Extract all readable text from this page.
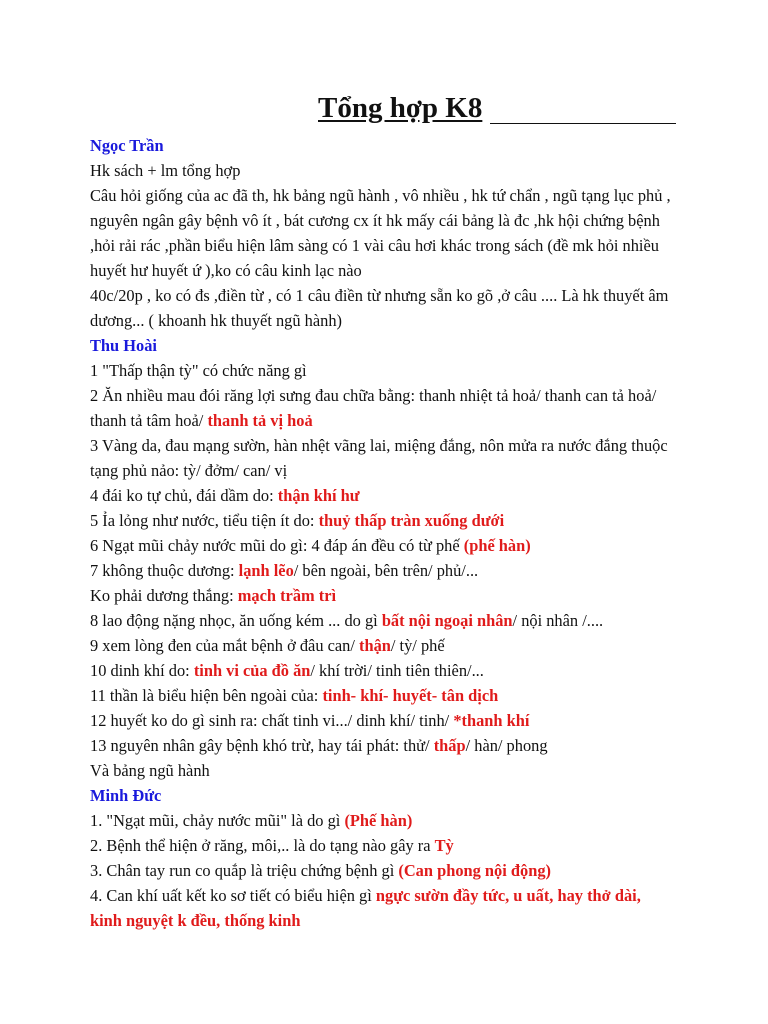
Tổng hợp K8

Ngọc Trần

Hk sách + lm tổng hợp

Câu hỏi giống của ac đã th, hk bảng ngũ hành , vô nhiều , hk tứ chẩn , ngũ tạng lục phủ , nguyên ngân gây bệnh vô ít , bát cương cx ít hk mấy cái bảng là đc ,hk hội chứng bệnh ,hỏi rải rác ,phần biểu hiện lâm sàng có 1 vài câu hơi khác trong sách (đề mk hỏi nhiều huyết hư huyết ứ ),ko có câu kinh lạc nào

40c/20p , ko có đs ,điền từ , có 1 câu điền từ nhưng sẵn ko gõ ,ở câu .... Là hk thuyết âm dương... ( khoanh hk thuyết ngũ hành)

Thu Hoài

1 "Thấp thận tỳ" có chức năng gì

2 Ăn nhiều mau đói răng lợi sưng đau chữa bằng: thanh nhiệt tả hoả/ thanh can tả hoả/ thanh tả tâm hoả/ thanh tả vị hoả

3 Vàng da, đau mạng sườn, hàn nhệt vãng lai, miệng đắng, nôn mửa ra nước đắng thuộc tạng phủ nảo: tỳ/ đởm/ can/ vị

4 đái ko tự chủ, đái dầm do: thận khí hư

5 Ỉa lỏng như nước, tiểu tiện ít do: thuỷ thấp tràn xuống dưới

6 Ngạt mũi chảy nước mũi do gì: 4 đáp án đều có từ phế (phế hàn)

7 không thuộc dương: lạnh lẽo/ bên ngoài, bên trên/ phủ/...

Ko phải dương thắng: mạch trầm trì

8 lao động nặng nhọc, ăn uống kém ... do gì bất nội ngoại nhân/ nội nhân /....

9 xem lòng đen của mắt bệnh ở đâu can/ thận/ tỳ/ phế

10 dinh khí do: tinh vi của đồ ăn/ khí trời/ tinh tiên thiên/...

11 thần là biểu hiện bên ngoài của: tinh- khí- huyết- tân dịch

12 huyết ko do gì sinh ra: chất tinh vi.../ dinh khí/ tinh/ *thanh khí

13 nguyên nhân gây bệnh khó trừ, hay tái phát: thử/ thấp/ hàn/ phong

Và bảng ngũ hành

Minh Đức

1. "Ngạt mũi, chảy nước mũi" là do gì (Phế hàn)

2. Bệnh thể hiện ở răng, môi,.. là do tạng nào gây ra Tỳ

3. Chân tay run co quắp là triệu chứng bệnh gì (Can phong nội động)

4. Can khí uất kết ko sơ tiết có biểu hiện gì ngực sườn đầy tức, u uất, hay thở dài, kinh nguyệt k đều, thống kinh
